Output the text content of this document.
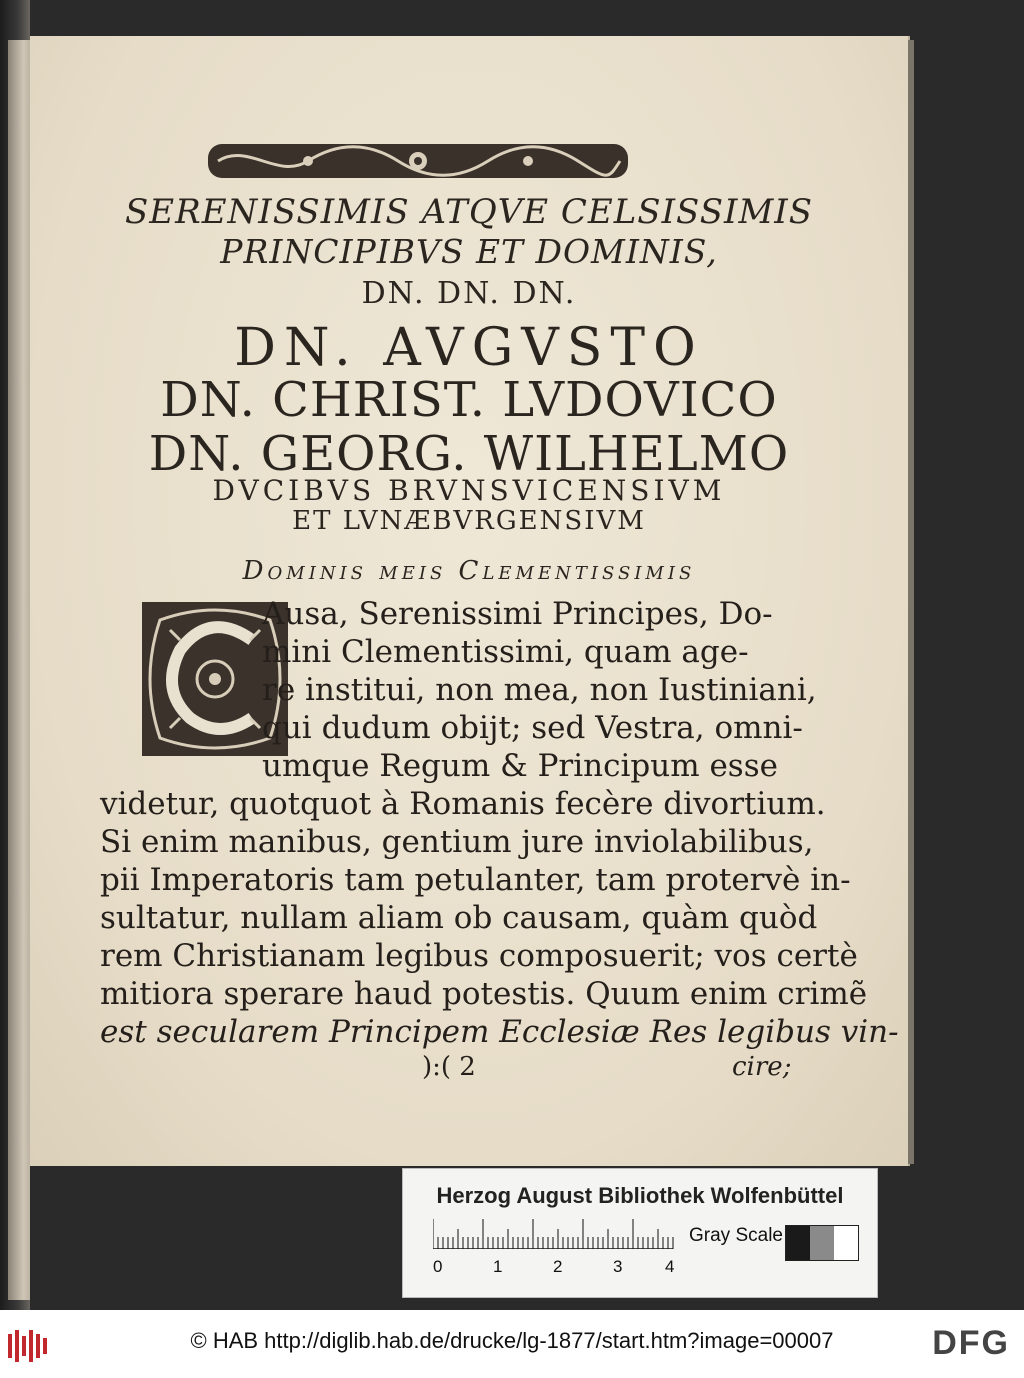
SERENISSIMIS ATQVE CELSISSIMIS
PRINCIPIBVS ET DOMINIS,
DN. DN. DN.
DN. AVGVSTO
DN. CHRIST. LVDOVICO
DN. GEORG. WILHELMO
DVCIBVS BRVNSVICENSIVM
ET LVNÆBVRGENSIVM
Dominis meis Clementissimis
Ausa, Serenissimi Principes, Do-
mini Clementissimi, quam age-
re institui, non mea, non Iustiniani,
qui dudum obijt; sed Vestra, omni-
umque Regum & Principum esse
videtur, quotquot à Romanis fecère divortium.
Si enim manibus, gentium jure inviolabilibus,
pii Imperatoris tam petulanter, tam protervè in-
sultatur, nullam aliam ob causam, quàm quòd
rem Christianam legibus composuerit; vos certè
mitiora sperare haud potestis. Quum enim crimẽ
est secularem Principem Ecclesiæ Res legibus vin-
):( 2	cire;
Herzog August Bibliothek Wolfenbüttel
0	1	2	3	4
Gray Scale
© HAB http://diglib.hab.de/drucke/lg-1877/start.htm?image=00007	DFG
